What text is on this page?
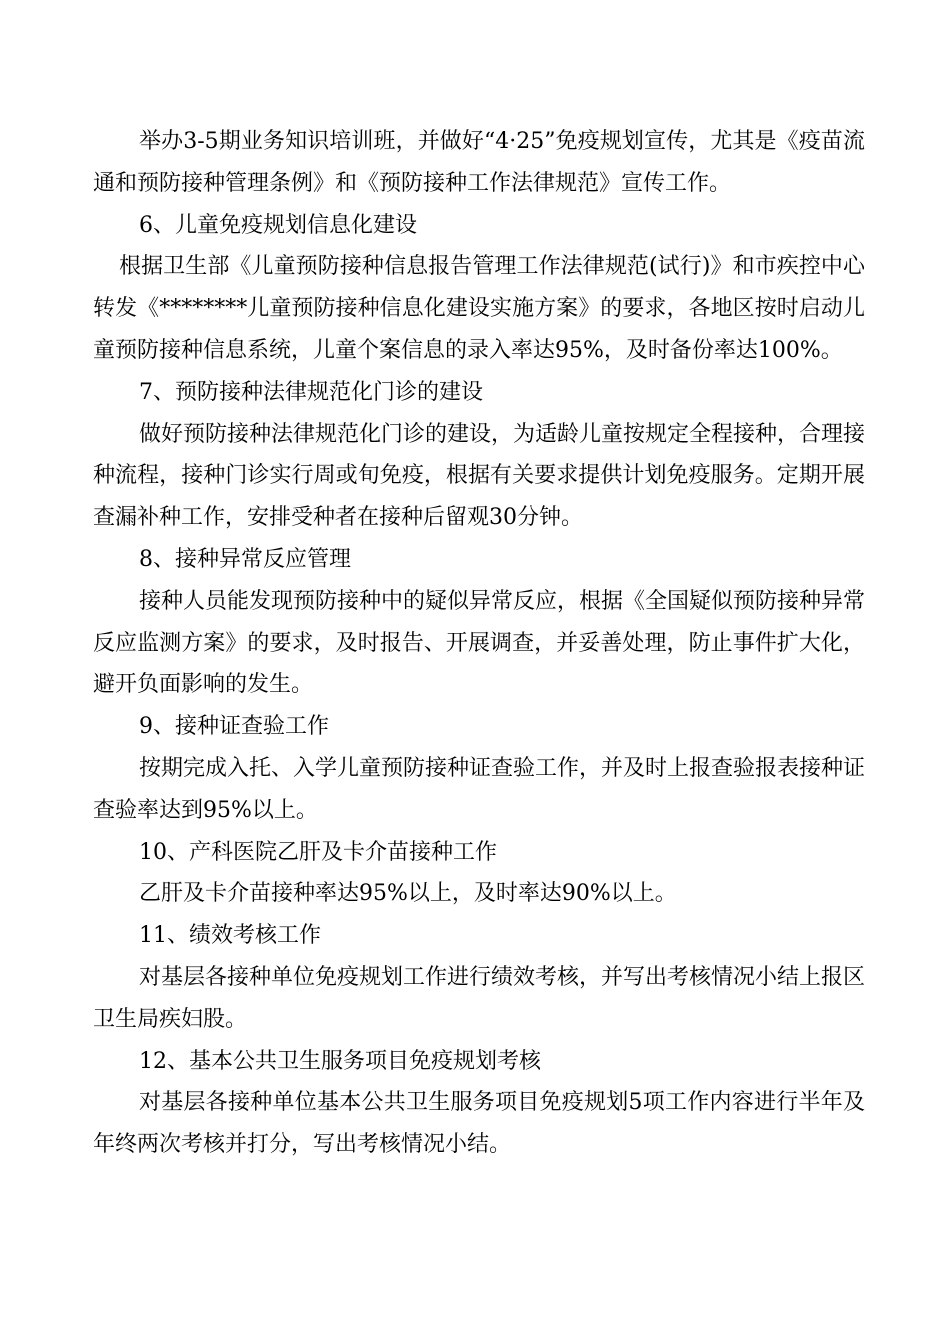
举办3-5期业务知识培训班，并做好“4·25”免疫规划宣传，尤其是《疫苗流通和预防接种管理条例》和《预防接种工作法律规范》宣传工作。

6、儿童免疫规划信息化建设

根据卫生部《儿童预防接种信息报告管理工作法律规范(试行)》和市疾控中心转发《********儿童预防接种信息化建设实施方案》的要求，各地区按时启动儿童预防接种信息系统，儿童个案信息的录入率达95%，及时备份率达100%。

7、预防接种法律规范化门诊的建设

做好预防接种法律规范化门诊的建设，为适龄儿童按规定全程接种，合理接种流程，接种门诊实行周或旬免疫，根据有关要求提供计划免疫服务。定期开展查漏补种工作，安排受种者在接种后留观30分钟。

8、接种异常反应管理

接种人员能发现预防接种中的疑似异常反应，根据《全国疑似预防接种异常反应监测方案》的要求，及时报告、开展调查，并妥善处理，防止事件扩大化，避开负面影响的发生。

9、接种证查验工作

按期完成入托、入学儿童预防接种证查验工作，并及时上报查验报表接种证查验率达到95%以上。

10、产科医院乙肝及卡介苗接种工作

乙肝及卡介苗接种率达95%以上，及时率达90%以上。

11、绩效考核工作

对基层各接种单位免疫规划工作进行绩效考核，并写出考核情况小结上报区卫生局疾妇股。

12、基本公共卫生服务项目免疫规划考核

对基层各接种单位基本公共卫生服务项目免疫规划5项工作内容进行半年及年终两次考核并打分，写出考核情况小结。
